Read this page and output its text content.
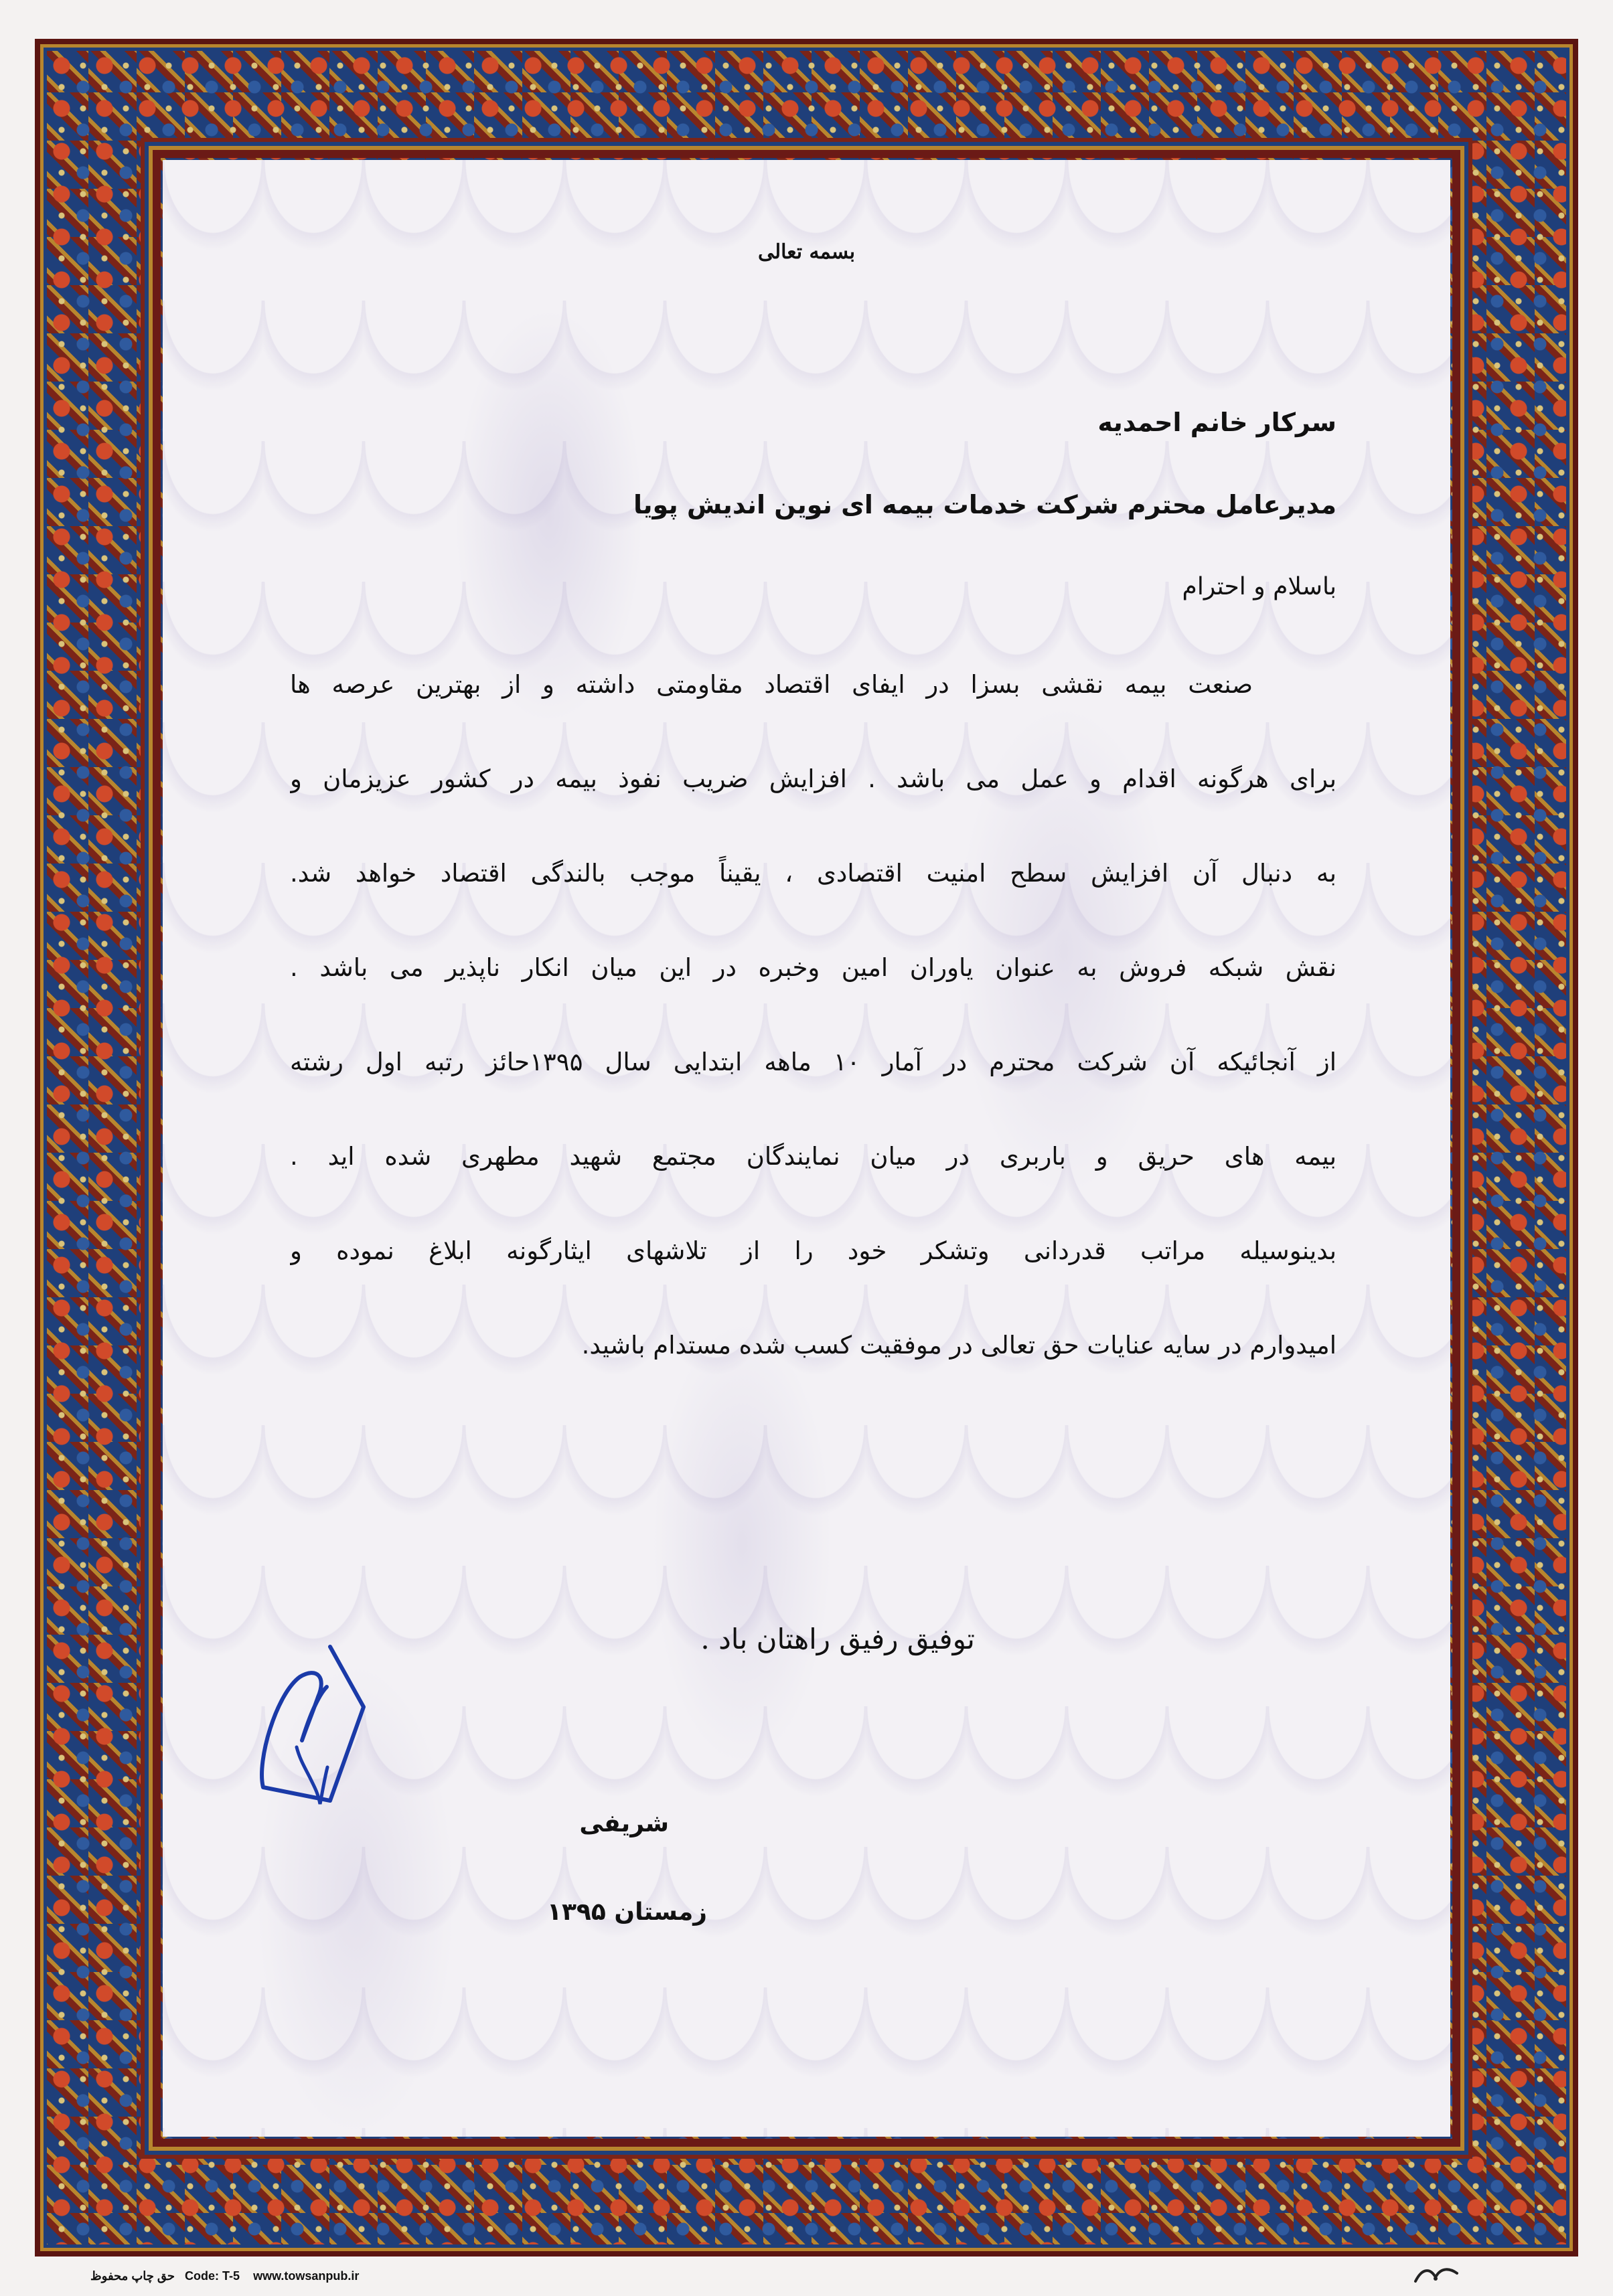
بسمه تعالی
سرکار خانم احمدیه
مدیرعامل محترم شرکت خدمات بیمه ای نوین اندیش پویا
باسلام و احترام
صنعت بیمه نقشی بسزا در ایفای اقتصاد مقاومتی داشته و از بهترین عرصه ها
برای هرگونه اقدام و عمل می باشد . افزایش ضریب نفوذ بیمه در کشور عزیزمان و
به دنبال آن افزایش سطح امنیت اقتصادی ، یقیناً موجب بالندگی اقتصاد خواهد شد.
نقش شبکه فروش به عنوان یاوران امین وخبره در این میان انکار ناپذیر می باشد .
از آنجائیکه آن شرکت محترم در آمار ۱۰ ماهه ابتدایی سال ۱۳۹۵حائز رتبه اول رشته
بیمه های حریق و باربری در میان نمایندگان مجتمع شهید مطهری شده اید .
بدینوسیله مراتب قدردانی وتشکر خود را از تلاشهای ایثارگونه ابلاغ نموده و
امیدوارم در سایه عنایات حق تعالی در موفقیت کسب شده مستدام باشید.
توفیق رفیق راهتان باد .
شریفی
زمستان ۱۳۹۵
حق چاپ محفوظ Code: T-5 www.towsanpub.ir
